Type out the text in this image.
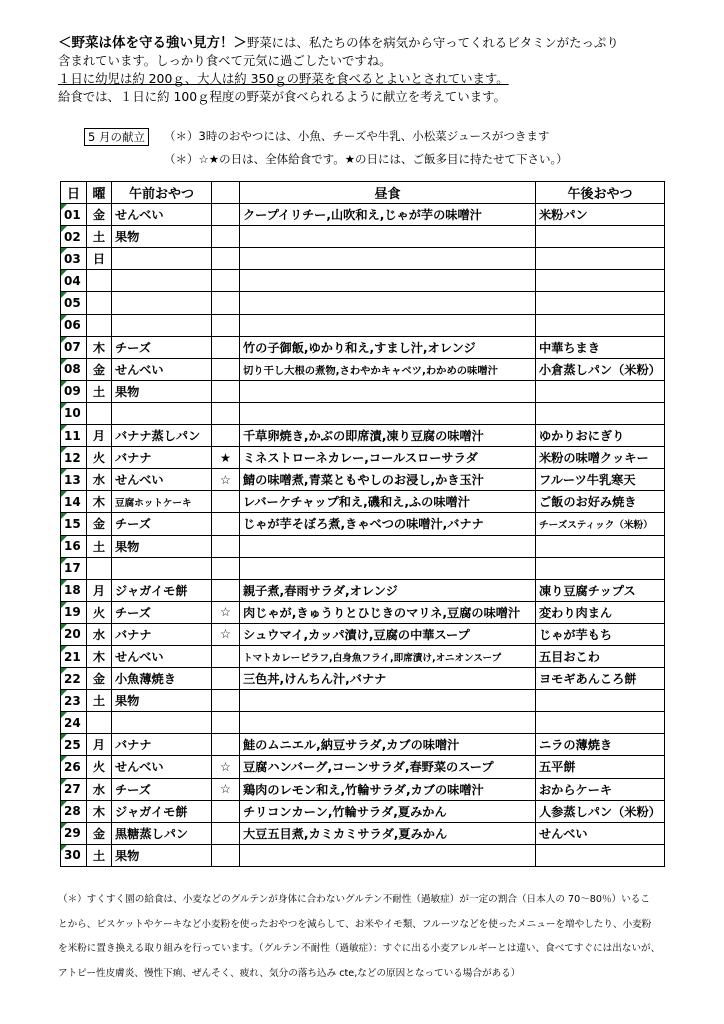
＜野菜は体を守る強い見方！＞野菜には、私たちの体を病気から守ってくれるビタミンがたっぷり

含まれています。しっかり食べて元気に過ごしたいですね。

１日に幼児は約 200ｇ、大人は約 350ｇの野菜を食べるとよいとされています。

給食では、１日に約 100ｇ程度の野菜が食べられるように献立を考えています。

5 月の献立	（＊）3時のおやつには、小魚、チーズや牛乳、小松菜ジュースがつきます
（＊）☆★の日は、全体給食です。★の日には、ご飯多目に持たせて下さい。）
日	曜	午前おやつ		昼食	午後おやつ
01	金	せんべい		クープイリチー,山吹和え,じゃが芋の味噌汁	米粉パン
02	土	果物			
03	日				
04					
05					
06					
07	木	チーズ		竹の子御飯,ゆかり和え,すまし汁,オレンジ	中華ちまき
08	金	せんべい		切り干し大根の煮物,さわやかキャベツ,わかめの味噌汁	小倉蒸しパン（米粉）
09	土	果物			
10					
11	月	バナナ蒸しパン		千草卵焼き,かぶの即席漬,凍り豆腐の味噌汁	ゆかりおにぎり
12	火	バナナ	★	ミネストローネカレー,コールスローサラダ	米粉の味噌クッキー
13	水	せんべい	☆	鯖の味噌煮,青菜ともやしのお浸し,かき玉汁	フルーツ牛乳寒天
14	木	豆腐ホットケーキ		レバーケチャップ和え,磯和え,ふの味噌汁	ご飯のお好み焼き
15	金	チーズ		じゃが芋そぼろ煮,きゃべつの味噌汁,バナナ	チーズスティック（米粉）
16	土	果物			
17					
18	月	ジャガイモ餅		親子煮,春雨サラダ,オレンジ	凍り豆腐チップス
19	火	チーズ	☆	肉じゃが,きゅうりとひじきのマリネ,豆腐の味噌汁	変わり肉まん
20	水	バナナ	☆	シュウマイ,カッパ漬け,豆腐の中華スープ	じゃが芋もち
21	木	せんべい		トマトカレーピラフ,白身魚フライ,即席漬け,オニオンスープ	五目おこわ
22	金	小魚薄焼き		三色丼,けんちん汁,バナナ	ヨモギあんころ餅
23	土	果物			
24					
25	月	バナナ		鮭のムニエル,納豆サラダ,カブの味噌汁	ニラの薄焼き
26	火	せんべい	☆	豆腐ハンバーグ,コーンサラダ,春野菜のスープ	五平餅
27	水	チーズ	☆	鶏肉のレモン和え,竹輪サラダ,カブの味噌汁	おからケーキ
28	木	ジャガイモ餅		チリコンカーン,竹輪サラダ,夏みかん	人参蒸しパン（米粉）
29	金	黒糖蒸しパン		大豆五目煮,カミカミサラダ,夏みかん	せんべい
30	土	果物			

（＊）すくすく園の給食は、小麦などのグルテンが身体に合わないグルテン不耐性（過敏症）が一定の割合（日本人の 70～80％）いるこ

とから、ビスケットやケーキなど小麦粉を使ったおやつを減らして、お米やイモ類、フルーツなどを使ったメニューを増やしたり、小麦粉

を米粉に置き換える取り組みを行っています。（グルテン不耐性（過敏症）：すぐに出る小麦アレルギーとは違い、食べてすぐには出ないが、

アトピー性皮膚炎、慢性下痢、ぜんそく、疲れ、気分の落ち込み cte,などの原因となっている場合がある）
